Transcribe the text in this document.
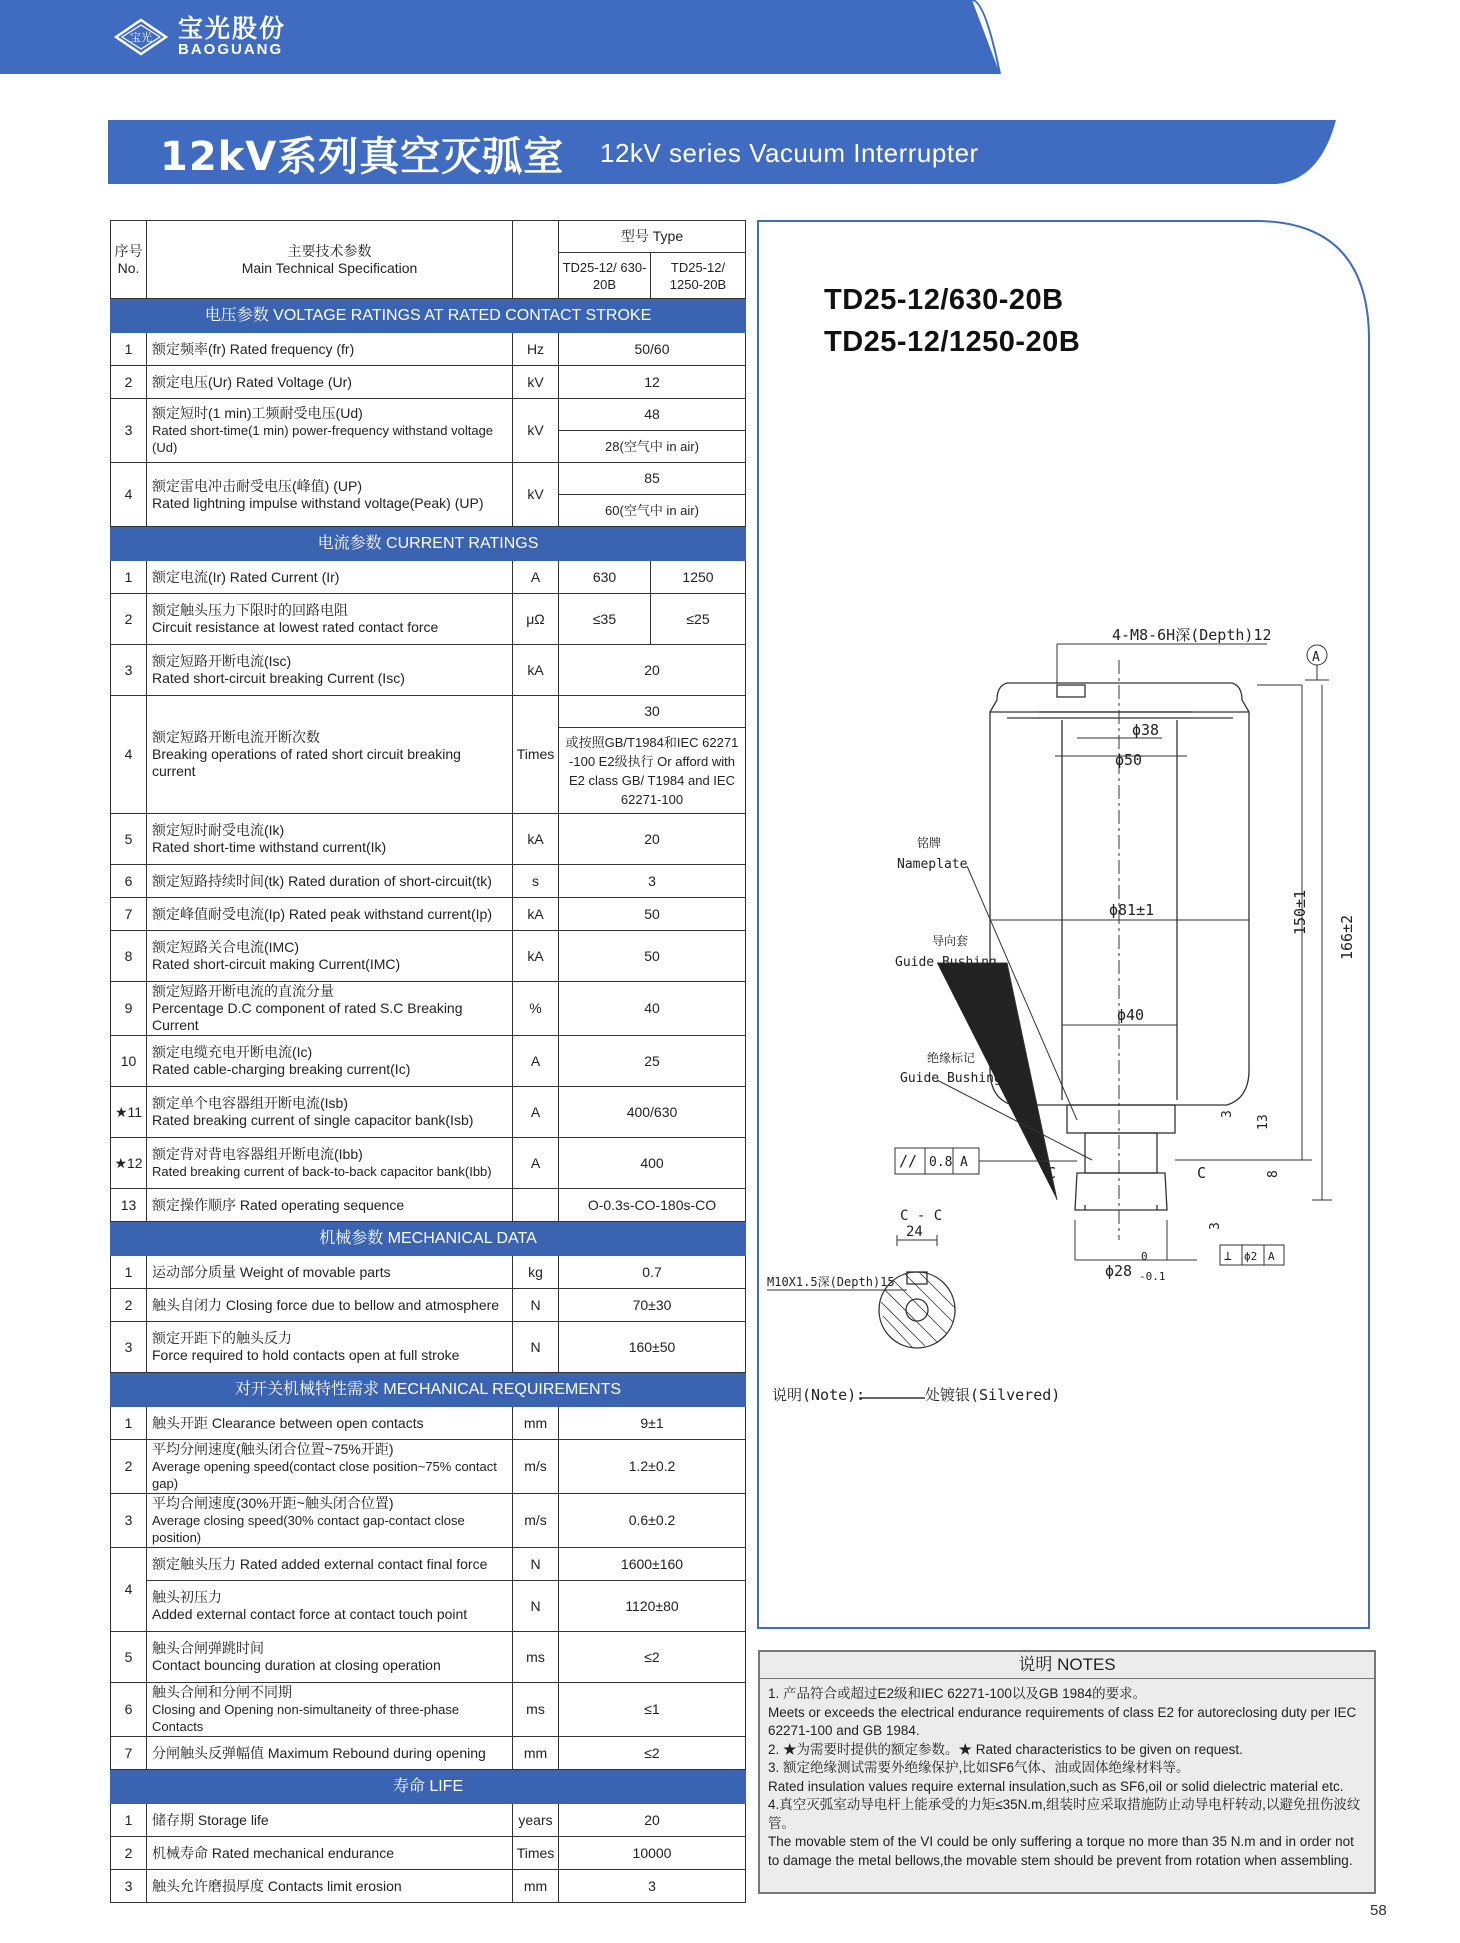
宝光 宝光股份
BAOGUANG
12kV系列真空灭弧室 12kV series Vacuum Interrupter
序号 No.	主要技术参数
Main Technical Specification		型号 Type	
			TD25-12/ 630-20B	TD25-12/ 1250-20B
电压参数 VOLTAGE RATINGS AT RATED CONTACT STROKE				
1	额定频率(fr) Rated frequency (fr)	Hz	50/60	
2	额定电压(Ur) Rated Voltage (Ur)	kV	12	
3	额定短时(1 min)工频耐受电压(Ud)
Rated short-time(1 min) power-frequency withstand voltage (Ud)	kV	48	
			28(空气中 in air)	
4	额定雷电冲击耐受电压(峰值) (UP)
Rated lightning impulse withstand voltage(Peak) (UP)	kV	85	
			60(空气中 in air)	
电流参数 CURRENT RATINGS				
1	额定电流(Ir) Rated Current (Ir)	A	630	1250
2	额定触头压力下限时的回路电阻
Circuit resistance at lowest rated contact force	μΩ	≤35	≤25
3	额定短路开断电流(Isc)
Rated short-circuit breaking Current (Isc)	kA	20	
4	额定短路开断电流开断次数
Breaking operations of rated short circuit breaking current	Times	30	
			或按照GB/T1984和IEC 62271 -100 E2级执行 Or afford with E2 class GB/ T1984 and IEC 62271-100	
5	额定短时耐受电流(Ik)
Rated short-time withstand current(Ik)	kA	20	
6	额定短路持续时间(tk) Rated duration of short-circuit(tk)	s	3	
7	额定峰值耐受电流(Ip) Rated peak withstand current(Ip)	kA	50	
8	额定短路关合电流(IMC)
Rated short-circuit making Current(IMC)	kA	50	
9	额定短路开断电流的直流分量
Percentage D.C component of rated S.C Breaking Current	%	40	
10	额定电缆充电开断电流(Ic)
Rated cable-charging breaking current(Ic)	A	25	
★11	额定单个电容器组开断电流(Isb)
Rated breaking current of single capacitor bank(Isb)	A	400/630	
★12	额定背对背电容器组开断电流(Ibb)
Rated breaking current of back-to-back capacitor bank(Ibb)	A	400	
13	额定操作顺序 Rated operating sequence		O-0.3s-CO-180s-CO	
机械参数 MECHANICAL DATA				
1	运动部分质量 Weight of movable parts	kg	0.7	
2	触头自闭力 Closing force due to bellow and atmosphere	N	70±30	
3	额定开距下的触头反力
Force required to hold contacts open at full stroke	N	160±50	
对开关机械特性需求 MECHANICAL REQUIREMENTS				
1	触头开距 Clearance between open contacts	mm	9±1	
2	平均分闸速度(触头闭合位置~75%开距)
Average opening speed(contact close position~75% contact gap)	m/s	1.2±0.2	
3	平均合闸速度(30%开距~触头闭合位置)
Average closing speed(30% contact gap-contact close position)	m/s	0.6±0.2	
4	额定触头压力 Rated added external contact final force	N	1600±160	

	触头初压力
Added external contact force at contact touch point	N	1120±80	
5	触头合闸弹跳时间
Contact bouncing duration at closing operation	ms	≤2	
6	触头合闸和分闸不同期
Closing and Opening non-simultaneity of three-phase Contacts	ms	≤1	
7	分闸触头反弹幅值 Maximum Rebound during opening	mm	≤2	
寿命 LIFE				
1	储存期 Storage life	years	20	
2	机械寿命 Rated mechanical endurance	Times	10000	
3	触头允许磨损厚度 Contacts limit erosion	mm	3	
TD25-12/630-20B
TD25-12/1250-20B
4-M8-6H深(Depth)12
A
ϕ38
ϕ50
ϕ81±1
ϕ40
150±1
166±2
3
13
8
3
铭牌
Nameplate
导向套
Guide Bushing
绝缘标记
Guide Bushing
// 0.8 A
C	C
C - C
⊥ ϕ2 A
ϕ28
0
-0.1
24
M10X1.5深(Depth)15
说明(Note):	处镀银(Silvered)
说明 NOTES
1. 产品符合或超过E2级和IEC 62271-100以及GB 1984的要求。
Meets or exceeds the electrical endurance requirements of class E2 for autoreclosing duty per IEC 62271-100 and GB 1984.
2. ★为需要时提供的额定参数。★ Rated characteristics to be given on request.
3. 额定绝缘测试需要外绝缘保护,比如SF6气体、油或固体绝缘材料等。
Rated insulation values require external insulation,such as SF6,oil or solid dielectric material etc.
4.真空灭弧室动导电杆上能承受的力矩≤35N.m,组装时应采取措施防止动导电杆转动,以避免扭伤波纹管。
The movable stem of the VI could be only suffering a torque no more than 35 N.m and in order not to damage the metal bellows,the movable stem should be prevent from rotation when assembling.
58
